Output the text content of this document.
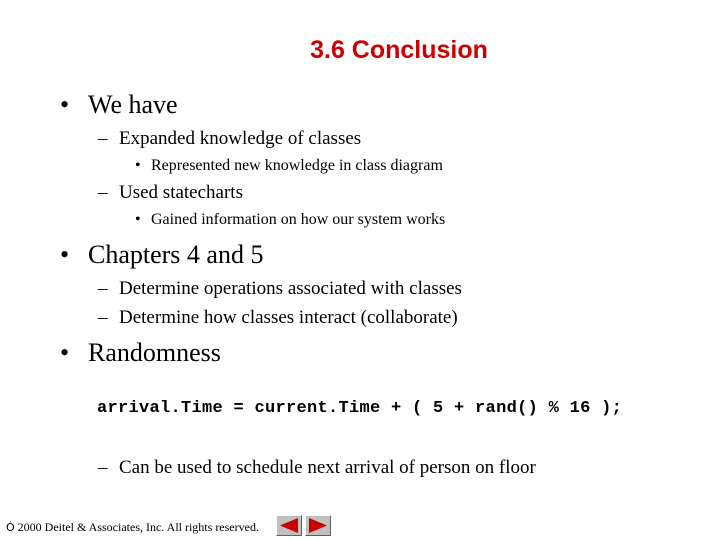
3.6 Conclusion
• We have
– Expanded knowledge of classes
• Represented new knowledge in class diagram
– Used statecharts
• Gained information on how our system works
• Chapters 4 and 5
– Determine operations associated with classes
– Determine how classes interact (collaborate)
• Randomness
arrival.Time = current.Time + ( 5 + rand() % 16 );
– Can be used to schedule next arrival of person on floor
Ó 2000 Deitel & Associates, Inc. All rights reserved.
